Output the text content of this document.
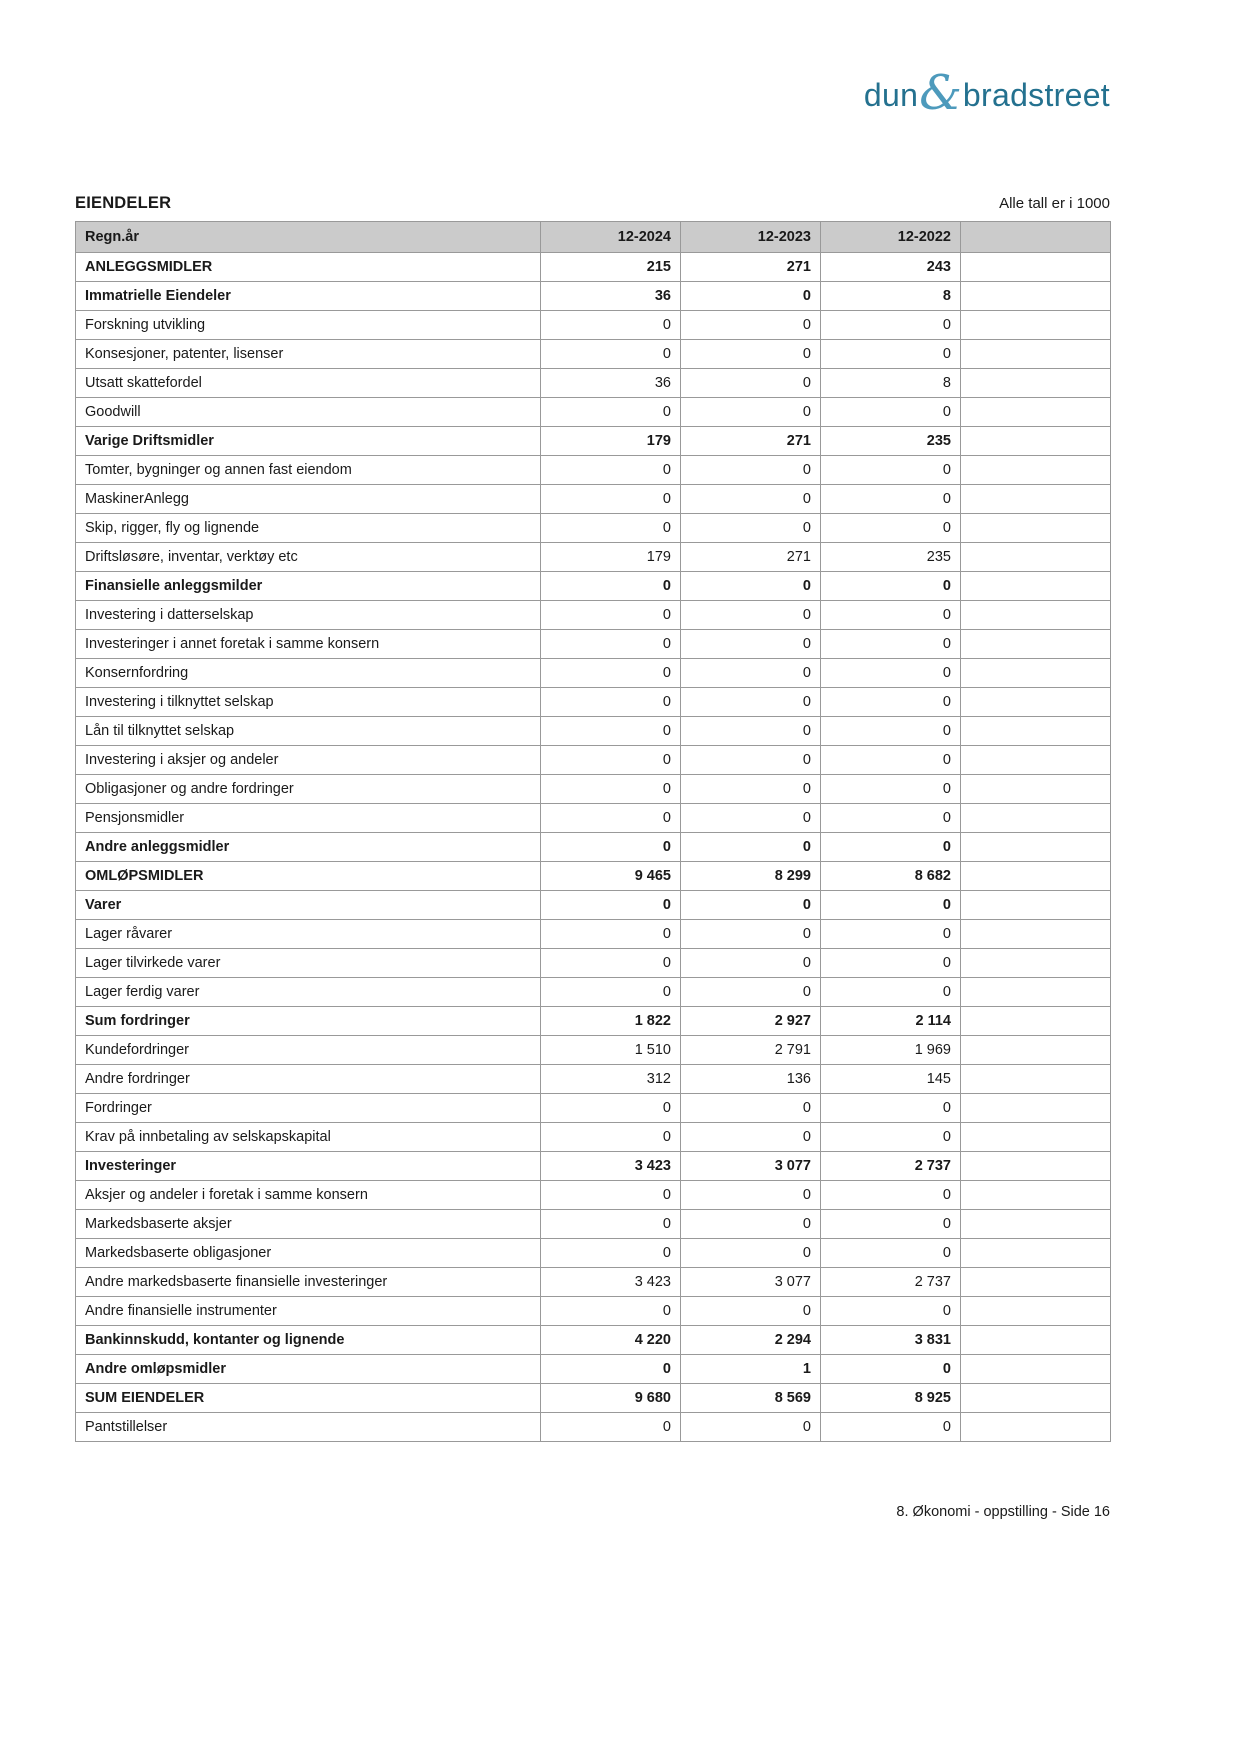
dun & bradstreet
EIENDELER	Alle tall er i 1000
Regn.år	12-2024	12-2023	12-2022	
ANLEGGSMIDLER	215	271	243	
Immatrielle Eiendeler	36	0	8	
Forskning utvikling	0	0	0	
Konsesjoner, patenter, lisenser	0	0	0	
Utsatt skattefordel	36	0	8	
Goodwill	0	0	0	
Varige Driftsmidler	179	271	235	
Tomter, bygninger og annen fast eiendom	0	0	0	
MaskinerAnlegg	0	0	0	
Skip, rigger, fly og lignende	0	0	0	
Driftsløsøre, inventar, verktøy etc	179	271	235	
Finansielle anleggsmilder	0	0	0	
Investering i datterselskap	0	0	0	
Investeringer i annet foretak i samme konsern	0	0	0	
Konsernfordring	0	0	0	
Investering i tilknyttet selskap	0	0	0	
Lån til tilknyttet selskap	0	0	0	
Investering i aksjer og andeler	0	0	0	
Obligasjoner og andre fordringer	0	0	0	
Pensjonsmidler	0	0	0	
Andre anleggsmidler	0	0	0	
OMLØPSMIDLER	9 465	8 299	8 682	
Varer	0	0	0	
Lager råvarer	0	0	0	
Lager tilvirkede varer	0	0	0	
Lager ferdig varer	0	0	0	
Sum fordringer	1 822	2 927	2 114	
Kundefordringer	1 510	2 791	1 969	
Andre fordringer	312	136	145	
Fordringer	0	0	0	
Krav på innbetaling av selskapskapital	0	0	0	
Investeringer	3 423	3 077	2 737	
Aksjer og andeler i foretak i samme konsern	0	0	0	
Markedsbaserte aksjer	0	0	0	
Markedsbaserte obligasjoner	0	0	0	
Andre markedsbaserte finansielle investeringer	3 423	3 077	2 737	
Andre finansielle instrumenter	0	0	0	
Bankinnskudd, kontanter og lignende	4 220	2 294	3 831	
Andre omløpsmidler	0	1	0	
SUM EIENDELER	9 680	8 569	8 925	
Pantstillelser	0	0	0	
8. Økonomi - oppstilling - Side 16
